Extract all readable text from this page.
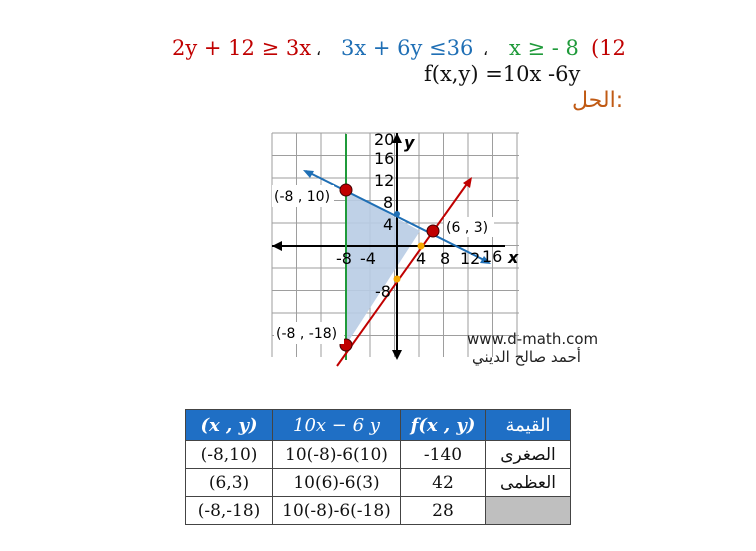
2y + 12 ≥ 3x ، 3x + 6y ≤36 ، x ≥ - 8 (12
f(x,y) =10x -6y
الحل:
y
x
20
16
12
8
4
-8
-8 -4	4 8 12 16
(-8 , 10)
(6 , 3)
(-8 , -18)	www.d-math.com
أحمد صالح الديني
(x , y)	10x − 6 y	f(x , y)	القيمة
(-8,10)	10(-8)-6(10)	-140	الصغرى
(6,3)	10(6)-6(3)	42	العظمى
(-8,-18)	10(-8)-6(-18)	28	
